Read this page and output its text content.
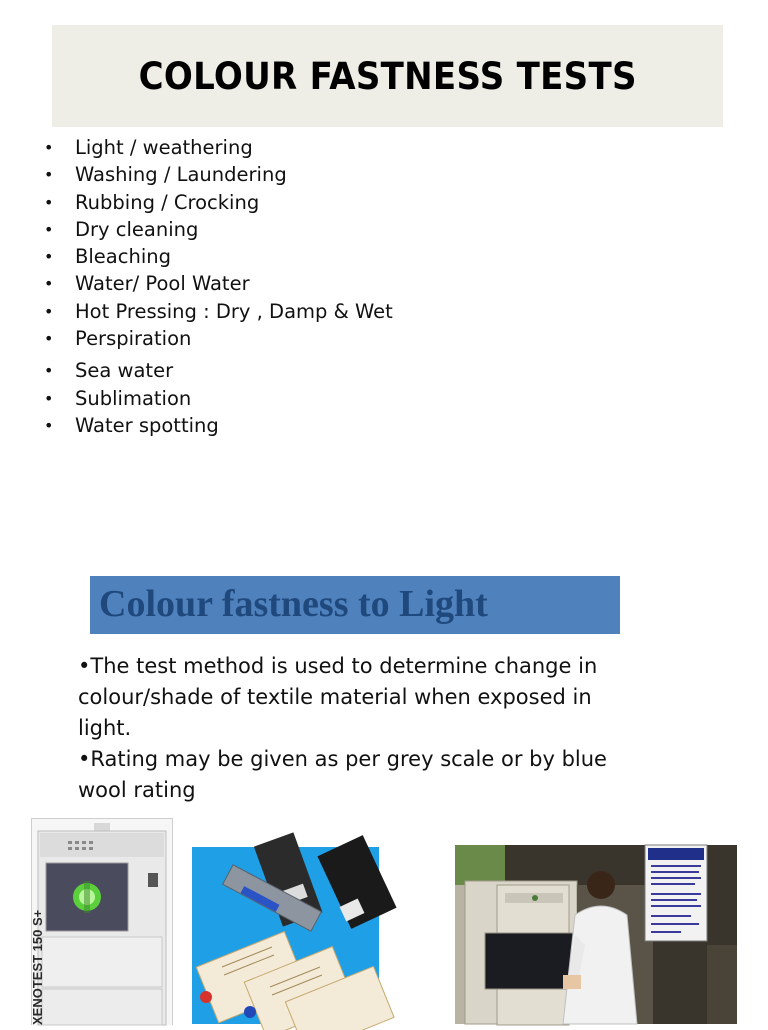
COLOUR FASTNESS TESTS
• Light / weathering
• Washing / Laundering
• Rubbing / Crocking
• Dry cleaning
• Bleaching
• Water/ Pool Water
• Hot Pressing : Dry , Damp & Wet
• Perspiration
• Sea water
• Sublimation
• Water spotting
Colour fastness to Light

•The test method is used to determine change in colour/shade of textile material when exposed in light.

•Rating may be given as per grey scale or by blue wool rating

XENOTEST 150 S+
